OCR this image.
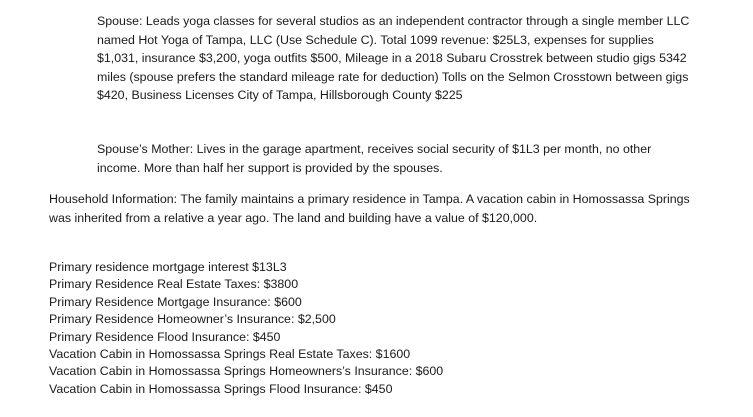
Spouse: Leads yoga classes for several studios as an independent contractor through a single member LLC named Hot Yoga of Tampa, LLC (Use Schedule C). Total 1099 revenue: $25L3, expenses for supplies $1,031, insurance $3,200, yoga outfits $500, Mileage in a 2018 Subaru Crosstrek between studio gigs 5342 miles (spouse prefers the standard mileage rate for deduction) Tolls on the Selmon Crosstown between gigs $420, Business Licenses City of Tampa, Hillsborough County $225

Spouse’s Mother: Lives in the garage apartment, receives social security of $1L3 per month, no other income. More than half her support is provided by the spouses.

Household Information: The family maintains a primary residence in Tampa. A vacation cabin in Homossassa Springs was inherited from a relative a year ago. The land and building have a value of $120,000.

Primary residence mortgage interest $13L3
Primary Residence Real Estate Taxes: $3800
Primary Residence Mortgage Insurance: $600
Primary Residence Homeowner’s Insurance: $2,500
Primary Residence Flood Insurance: $450
Vacation Cabin in Homossassa Springs Real Estate Taxes: $1600
Vacation Cabin in Homossassa Springs Homeowners’s Insurance: $600
Vacation Cabin in Homossassa Springs Flood Insurance: $450
